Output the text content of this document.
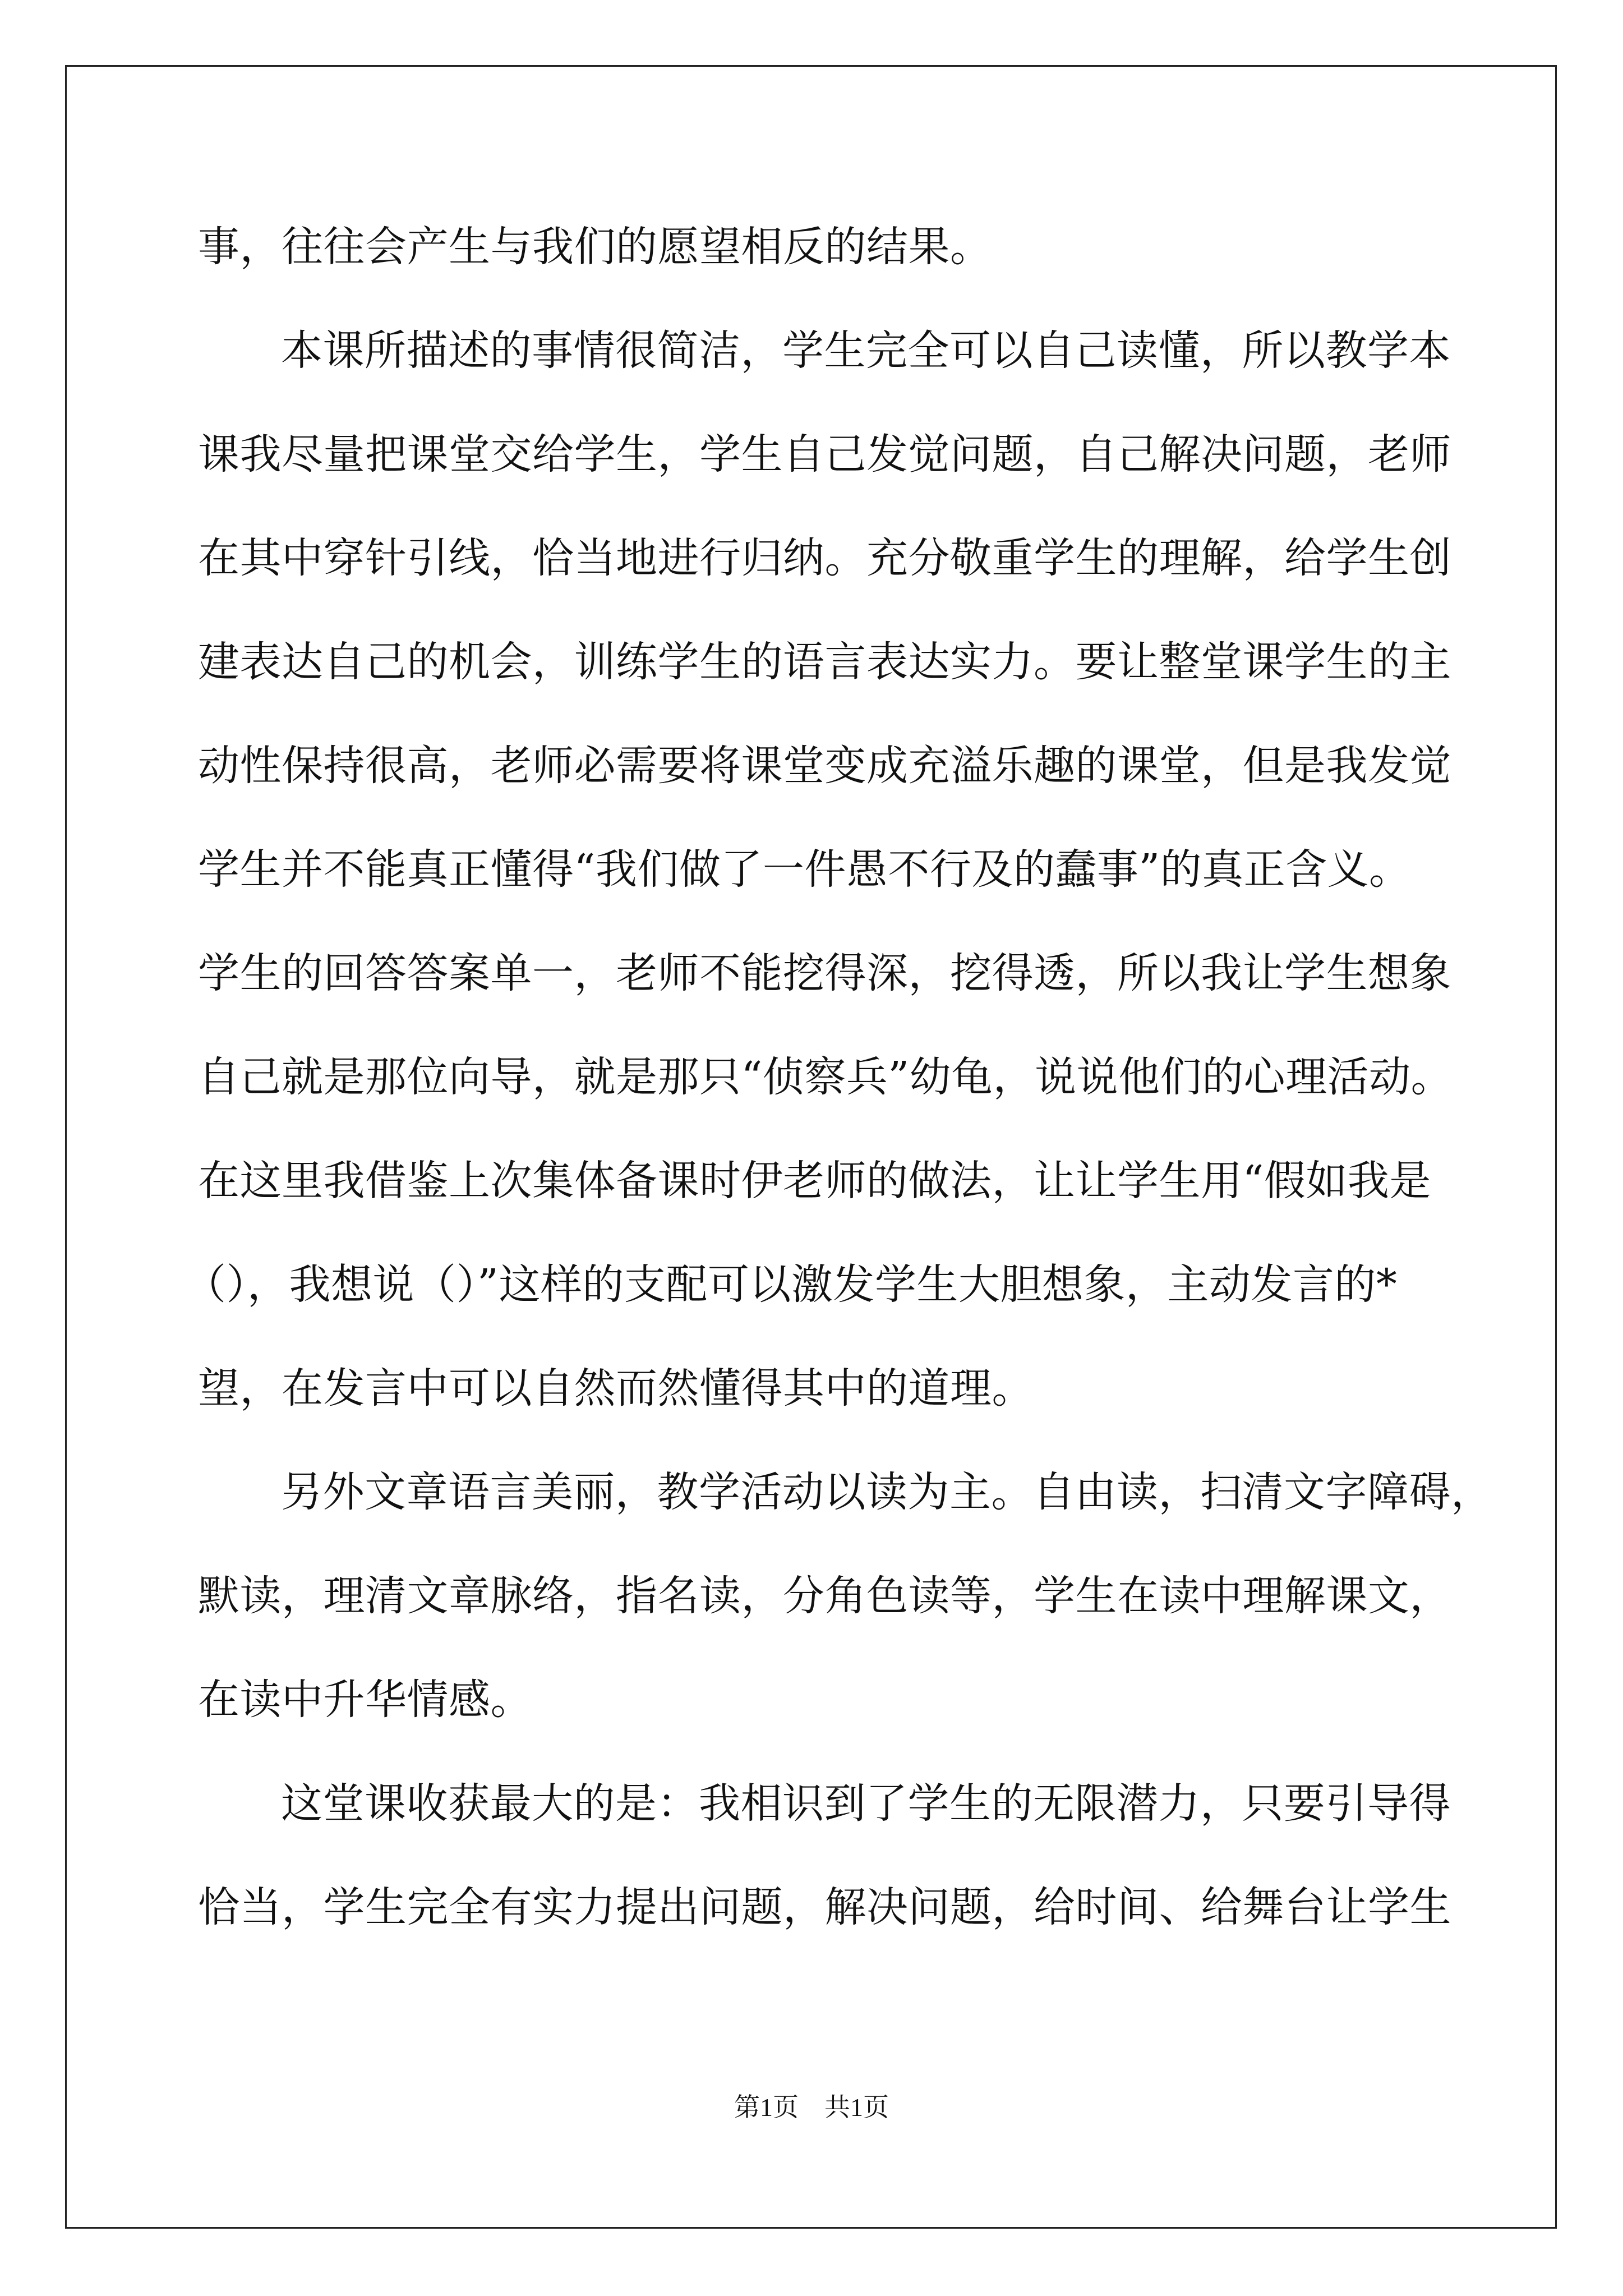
事，往往会产生与我们的愿望相反的结果。
本课所描述的事情很简洁，学生完全可以自己读懂，所以教学本
课我尽量把课堂交给学生，学生自己发觉问题，自己解决问题，老师
在其中穿针引线，恰当地进行归纳。充分敬重学生的理解，给学生创
建表达自己的机会，训练学生的语言表达实力。要让整堂课学生的主
动性保持很高，老师必需要将课堂变成充溢乐趣的课堂，但是我发觉
学生并不能真正懂得“我们做了一件愚不行及的蠢事”的真正含义。
学生的回答答案单一，老师不能挖得深，挖得透，所以我让学生想象
自己就是那位向导，就是那只“侦察兵”幼龟，说说他们的心理活动。
在这里我借鉴上次集体备课时伊老师的做法，让让学生用“假如我是
（），我想说（）”这样的支配可以激发学生大胆想象，主动发言的*
望，在发言中可以自然而然懂得其中的道理。
另外文章语言美丽，教学活动以读为主。自由读，扫清文字障碍，
默读，理清文章脉络，指名读，分角色读等，学生在读中理解课文，
在读中升华情感。
这堂课收获最大的是：我相识到了学生的无限潜力，只要引导得
恰当，学生完全有实力提出问题，解决问题，给时间、给舞台让学生
第1页　共1页
